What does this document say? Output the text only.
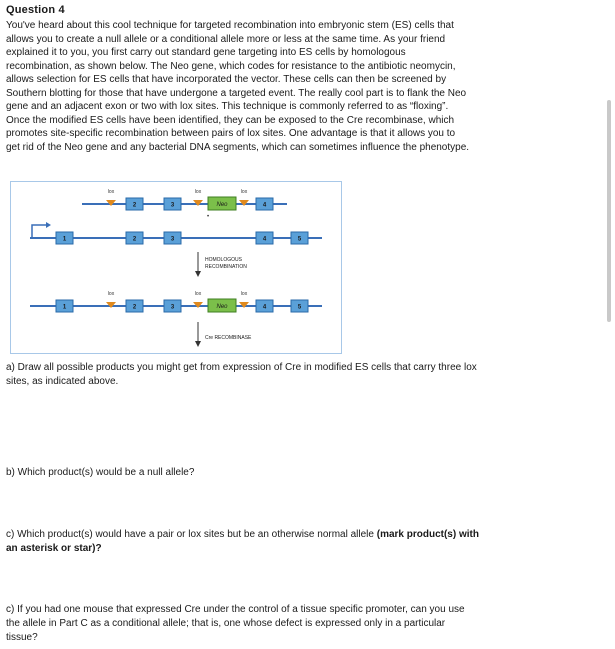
Question 4

You've heard about this cool technique for targeted recombination into embryonic stem (ES) cells that

allows you to create a null allele or a conditional allele more or less at the same time. As your friend

explained it to you, you first carry out standard gene targeting into ES cells by homologous

recombination, as shown below. The Neo gene, which codes for resistance to the antibiotic neomycin,

allows selection for ES cells that have incorporated the vector. These cells can then be screened by

Southern blotting for those that have undergone a targeted event. The really cool part is to flank the Neo

gene and an adjacent exon or two with lox sites. This technique is commonly referred to as “floxing”.

Once the modified ES cells have been identified, they can be exposed to the Cre recombinase, which

promotes site-specific recombination between pairs of lox sites. One advantage is that it allows you to

get rid of the Neo gene and any bacterial DNA segments, which can sometimes influence the phenotype.

lox
2	3
lox
Neo
lox
4
•
1	2	3	4	5
HOMOLOGOUS
RECOMBINATION
1
lox
2	3
lox
Neo
lox
4	5
Cre RECOMBINASE

a) Draw all possible products you might get from expression of Cre in modified ES cells that carry three lox

sites, as indicated above.

b) Which product(s) would be a null allele?

c) Which product(s) would have a pair or lox sites but be an otherwise normal allele (mark product(s) with

an asterisk or star)?

c) If you had one mouse that expressed Cre under the control of a tissue specific promoter, can you use

the allele in Part C as a conditional allele; that is, one whose defect is expressed only in a particular

tissue?
